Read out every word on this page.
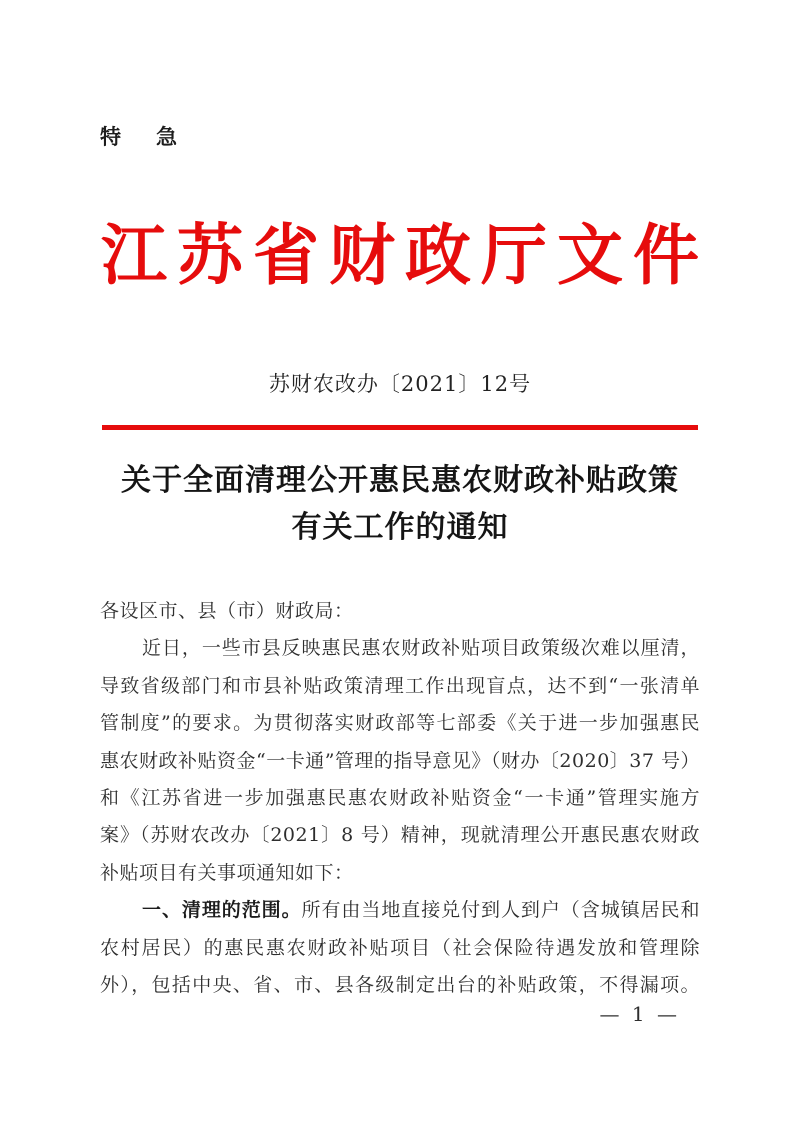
特　急
江苏省财政厅文件
苏财农改办〔2021〕12号
关于全面清理公开惠民惠农财政补贴政策
有关工作的通知
各设区市、县（市）财政局：
近日，一些市县反映惠民惠农财政补贴项目政策级次难以厘清，
导致省级部门和市县补贴政策清理工作出现盲点，达不到“一张清单
管制度”的要求。为贯彻落实财政部等七部委《关于进一步加强惠民
惠农财政补贴资金“一卡通”管理的指导意见》（财办〔2020〕37 号）
和《江苏省进一步加强惠民惠农财政补贴资金“一卡通”管理实施方
案》（苏财农改办〔2021〕8 号）精神，现就清理公开惠民惠农财政
补贴项目有关事项通知如下：
一、清理的范围。所有由当地直接兑付到人到户（含城镇居民和
农村居民）的惠民惠农财政补贴项目（社会保险待遇发放和管理除
外），包括中央、省、市、县各级制定出台的补贴政策，不得漏项。
— 1 —
